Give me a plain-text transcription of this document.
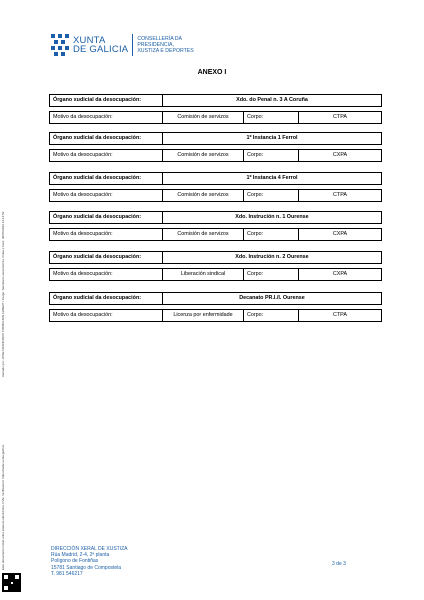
XUNTA
DE GALICIA
CONSELLERÍA DA
PRESIDENCIA,
XUSTIZA E DEPORTES
ANEXO I
Órgano xudicial da desocupación:	Xdo. do Penal n. 3 A Coruña		

Motivo da desocupación:	Comisión de servizos	Corpo:	CTPA
Órgano xudicial da desocupación:	1º Instancia 1 Ferrol		

Motivo da desocupación:	Comisión de servizos	Corpo:	CXPA
Órgano xudicial da desocupación:	1º Instancia 4 Ferrol		

Motivo da desocupación:	Comisión de servizos	Corpo:	CTPA
Órgano xudicial da desocupación:	Xdo. Instrución n. 1 Ourense		

Motivo da desocupación:	Comisión de servizos	Corpo:	CXPA
Órgano xudicial da desocupación:	Xdo. Instrución n. 2 Ourense		

Motivo da desocupación:	Liberación sindical	Corpo:	CXPA
Órgano xudicial da desocupación:	Decanato PR.I./I. Ourense		

Motivo da desocupación:	Licenza por enfermidade	Corpo:	CTPA
Asinado por: JOSE FRANCISCO TRONCHON ALBERT / Cargo: Secretario xeral técnico / Data e hora: 30/07/2024 14:14:52
Este documento inclúe unha sinatura electrónica. CVE: Verificación: https://sede.xunta.gal/cve	DIRECCIÓN XERAL DE XUSTIZA
Rúa Madrid, 2-4, 2ª planta
Polígono de Fontiñas
15781 Santiago de Compostela
T. 981 546217
3 de 3
